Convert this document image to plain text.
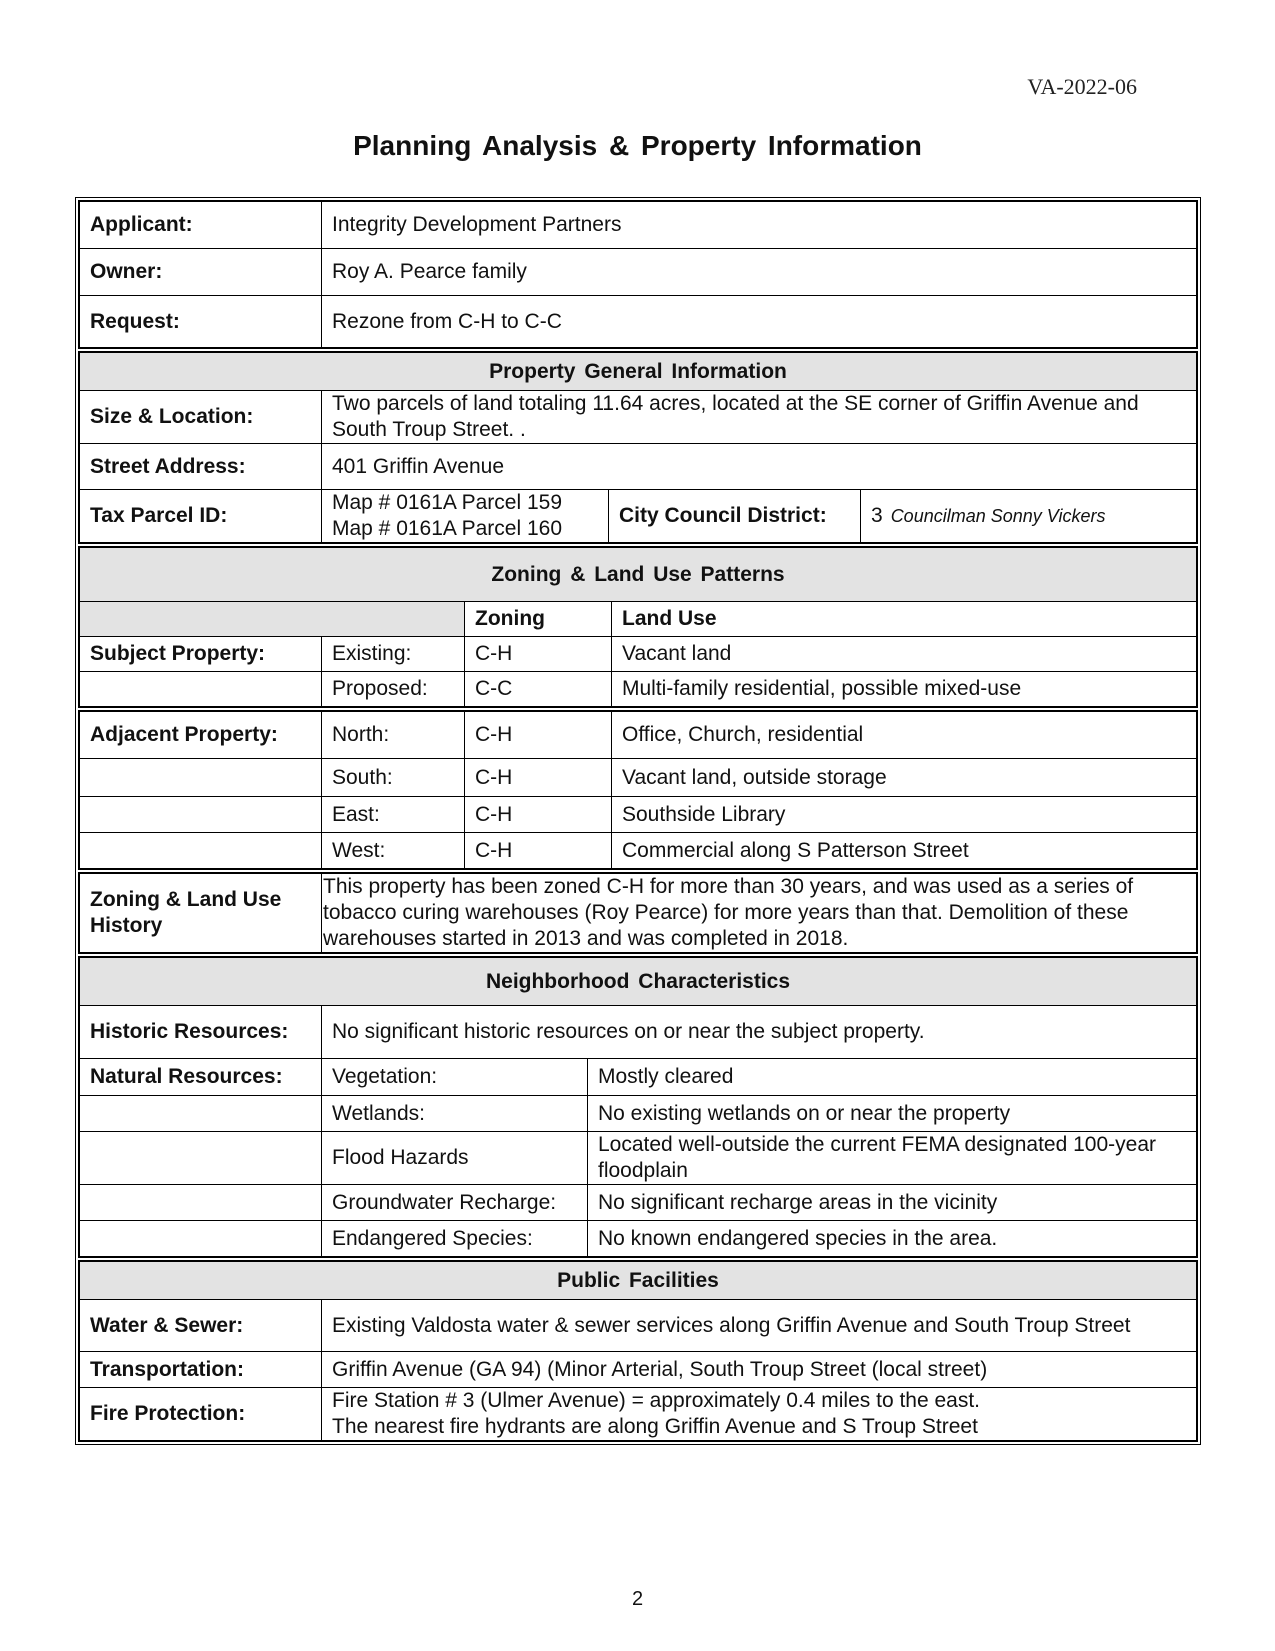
VA-2022-06
Planning Analysis & Property Information
Applicant:	Integrity Development Partners
Owner:	Roy A. Pearce family
Request:	Rezone from C-H to C-C
Property General Information			
Size & Location:	Two parcels of land totaling 11.64 acres, located at the SE corner of Griffin Avenue and South Troup Street. .		
Street Address:	401 Griffin Avenue		
Tax Parcel ID:	Map # 0161A Parcel 159
Map # 0161A Parcel 160	City Council District:	3 Councilman Sonny Vickers
Zoning & Land Use Patterns			
		Zoning	Land Use
Subject Property:	Existing:	C-H	Vacant land
	Proposed:	C-C	Multi-family residential, possible mixed-use
Adjacent Property:	North:	C-H	Office, Church, residential
	South:	C-H	Vacant land, outside storage
	East:	C-H	Southside Library
	West:	C-H	Commercial along S Patterson Street
Zoning & Land Use History	This property has been zoned C-H for more than 30 years, and was used as a series of tobacco curing warehouses (Roy Pearce) for more years than that. Demolition of these warehouses started in 2013 and was completed in 2018.
Neighborhood Characteristics		
Historic Resources:	No significant historic resources on or near the subject property.	
Natural Resources:	Vegetation:	Mostly cleared
	Wetlands:	No existing wetlands on or near the property
	Flood Hazards	Located well-outside the current FEMA designated 100-year floodplain
	Groundwater Recharge:	No significant recharge areas in the vicinity
	Endangered Species:	No known endangered species in the area.
Public Facilities	
Water & Sewer:	Existing Valdosta water & sewer services along Griffin Avenue and South Troup Street
Transportation:	Griffin Avenue (GA 94) (Minor Arterial, South Troup Street (local street)
Fire Protection:	Fire Station # 3 (Ulmer Avenue) = approximately 0.4 miles to the east.
The nearest fire hydrants are along Griffin Avenue and S Troup Street
2
